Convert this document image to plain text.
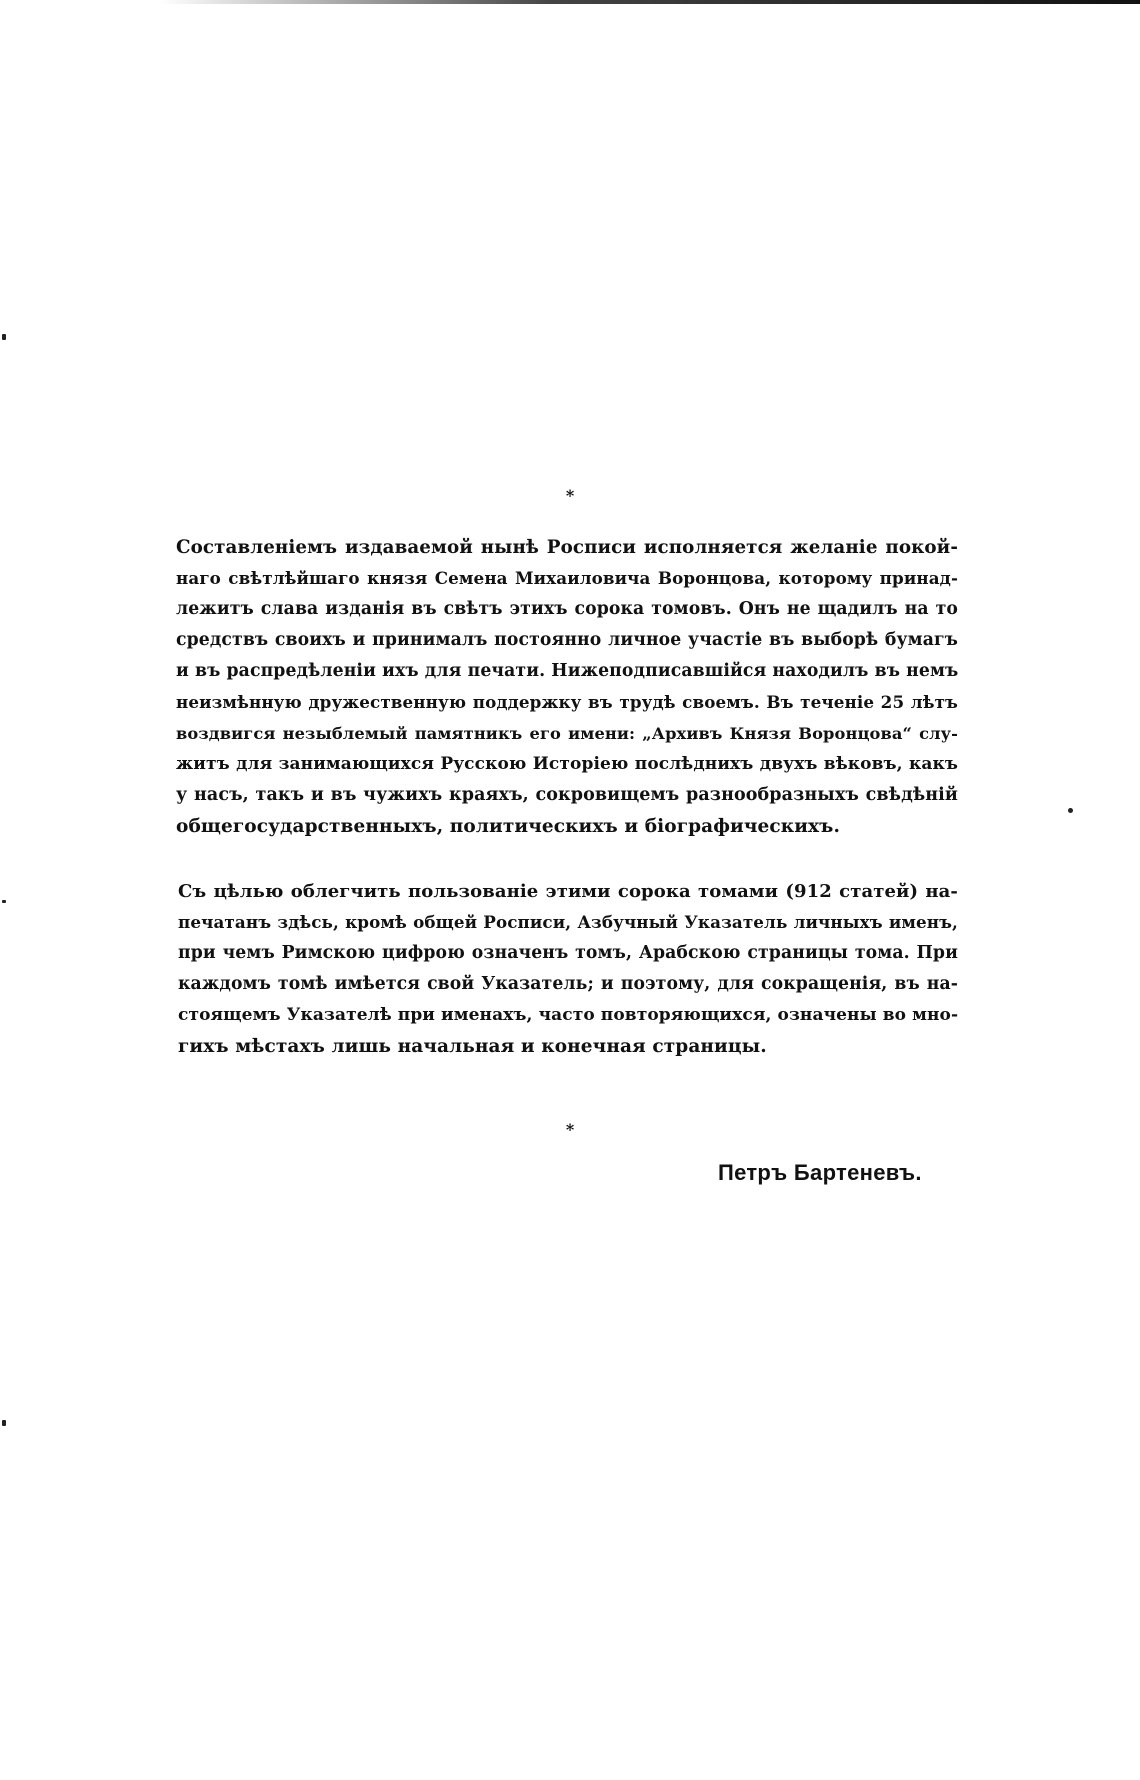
*
Составленіемъ издаваемой нынѣ Росписи исполняется желаніе покой-
наго свѣтлѣйшаго князя Семена Михаиловича Воронцова, которому принад-
лежитъ слава изданія въ свѣтъ этихъ сорока томовъ. Онъ не щадилъ на то
средствъ своихъ и принималъ постоянно личное участіе въ выборѣ бумагъ
и въ распредѣленіи ихъ для печати. Нижеподписавшійся находилъ въ немъ
неизмѣнную дружественную поддержку въ трудѣ своемъ. Въ теченіе 25 лѣтъ
воздвигся незыблемый памятникъ его имени: „Архивъ Князя Воронцова“ слу-
житъ для занимающихся Русскою Исторіею послѣднихъ двухъ вѣковъ, какъ
у насъ, такъ и въ чужихъ краяхъ, сокровищемъ разнообразныхъ свѣдѣній
общегосударственныхъ, политическихъ и біографическихъ.
Съ цѣлью облегчить пользованіе этими сорока томами (912 статей) на-
печатанъ здѣсь, кромѣ общей Росписи, Азбучный Указатель личныхъ именъ,
при чемъ Римскою цифрою означенъ томъ, Арабскою страницы тома. При
каждомъ томѣ имѣется свой Указатель; и поэтому, для сокращенія, въ на-
стоящемъ Указателѣ при именахъ, часто повторяющихся, означены во мно-
гихъ мѣстахъ лишь начальная и конечная страницы.
*
Петръ Бартеневъ.
